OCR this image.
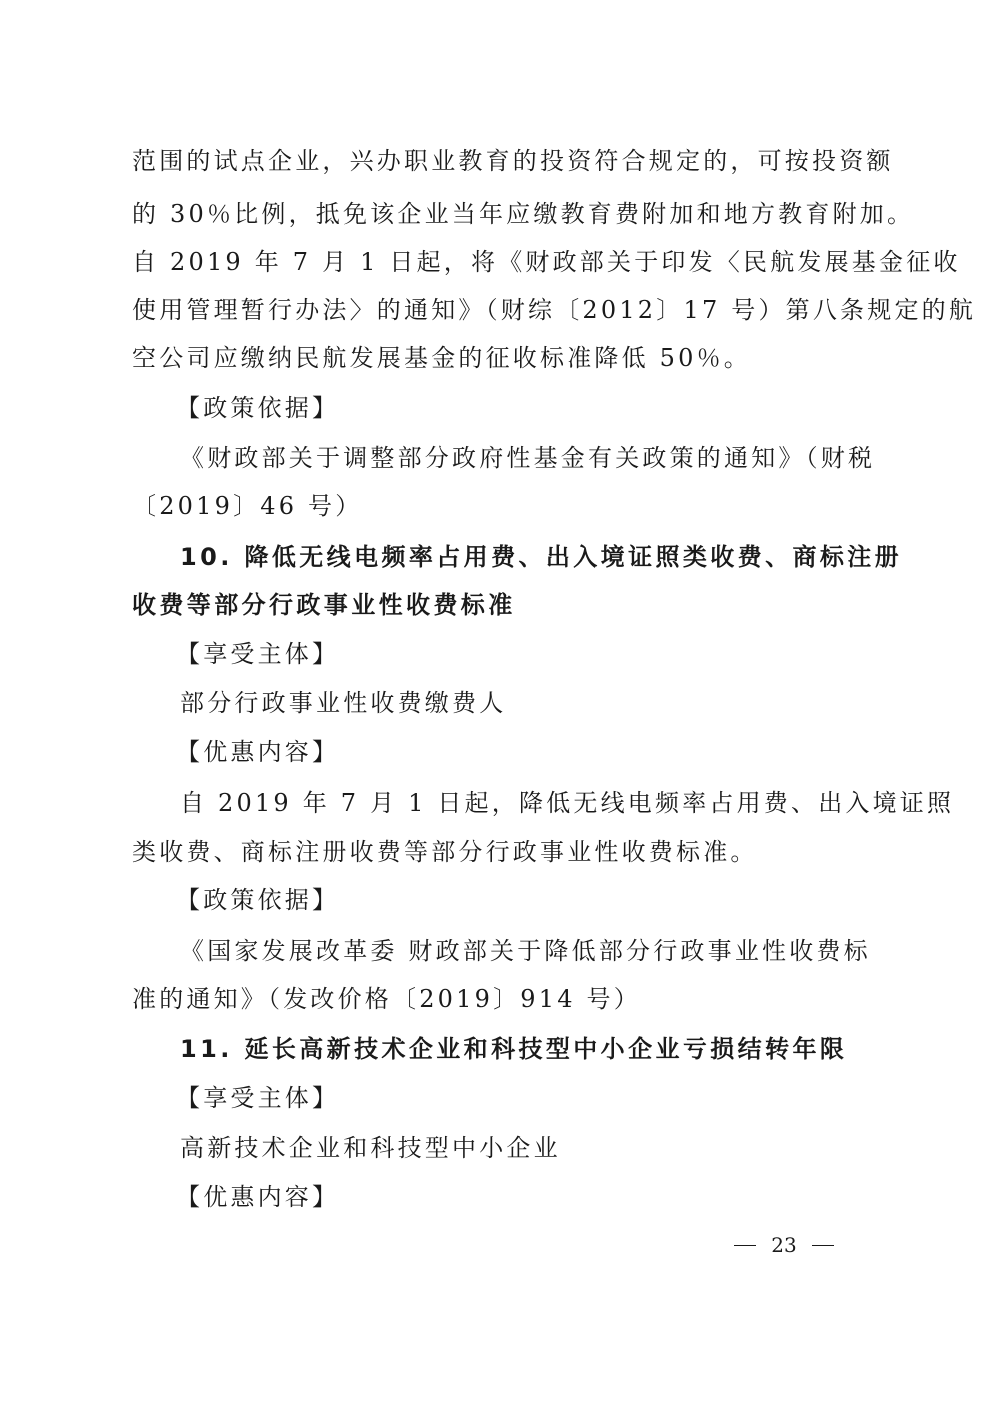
范围的试点企业，兴办职业教育的投资符合规定的，可按投资额
的 30％比例，抵免该企业当年应缴教育费附加和地方教育附加。
自 2019 年 7 月 1 日起，将《财政部关于印发〈民航发展基金征收
使用管理暂行办法〉的通知》（财综〔2012〕17 号）第八条规定的航
空公司应缴纳民航发展基金的征收标准降低 50％。
【政策依据】
《财政部关于调整部分政府性基金有关政策的通知》（财税
〔2019〕46 号）
10. 降低无线电频率占用费、出入境证照类收费、商标注册
收费等部分行政事业性收费标准
【享受主体】
部分行政事业性收费缴费人
【优惠内容】
自 2019 年 7 月 1 日起，降低无线电频率占用费、出入境证照
类收费、商标注册收费等部分行政事业性收费标准。
【政策依据】
《国家发展改革委 财政部关于降低部分行政事业性收费标
准的通知》（发改价格〔2019〕914 号）
11. 延长高新技术企业和科技型中小企业亏损结转年限
【享受主体】
高新技术企业和科技型中小企业
【优惠内容】
23
